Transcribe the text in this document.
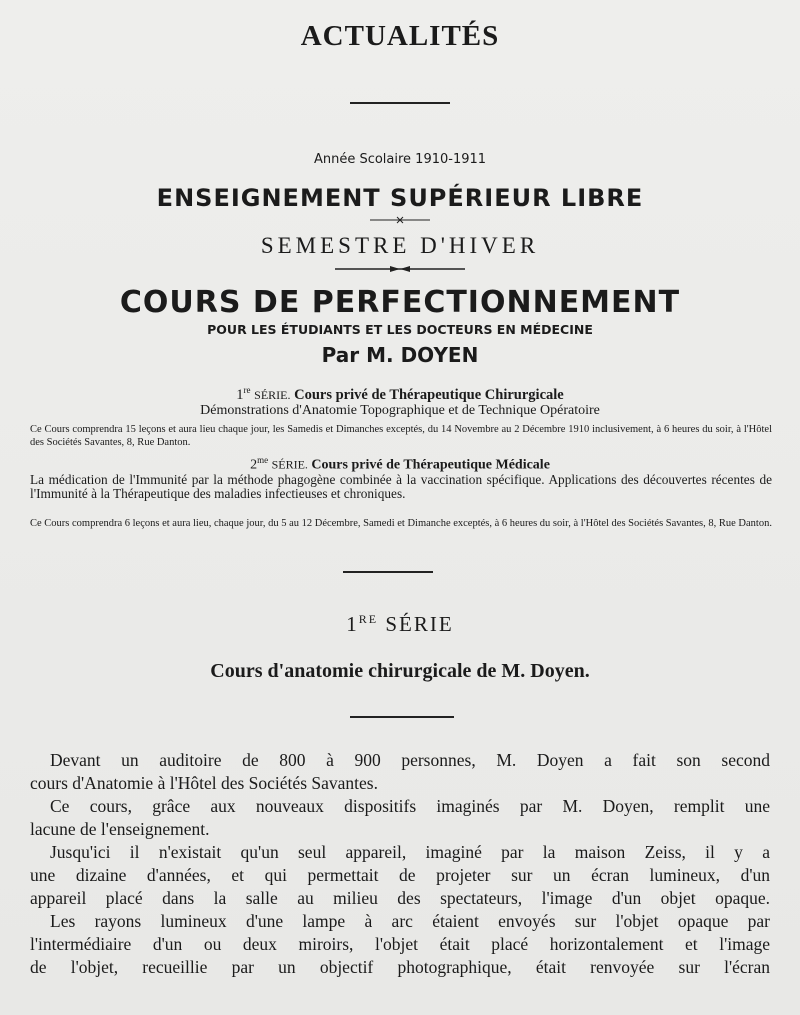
ACTUALITÉS
Année Scolaire 1910-1911
ENSEIGNEMENT SUPÉRIEUR LIBRE
SEMESTRE D'HIVER
COURS DE PERFECTIONNEMENT
POUR LES ÉTUDIANTS ET LES DOCTEURS EN MÉDECINE
Par M. DOYEN
1re SÉRIE. Cours privé de Thérapeutique Chirurgicale
Démonstrations d'Anatomie Topographique et de Technique Opératoire
Ce Cours comprendra 15 leçons et aura lieu chaque jour, les Samedis et Dimanches exceptés, du 14 Novembre au 2 Décembre 1910 inclusivement, à 6 heures du soir, à l'Hôtel des Sociétés Savantes, 8, Rue Danton.
$2^{me}$ SÉRIE. Cours privé de Thérapeutique Médicale
La médication de l'Immunité par la méthode phagogène combinée à la vaccination spécifique. Applications des découvertes récentes de l'Immunité à la Thérapeutique des maladies infectieuses et chroniques.
Ce Cours comprendra 6 leçons et aura lieu, chaque jour, du 5 au 12 Décembre, Samedi et Dimanche exceptés, à 6 heures du soir, à l'Hôtel des Sociétés Savantes, 8, Rue Danton.
1RE SÉRIE
Cours d'anatomie chirurgicale de M. Doyen.
Devant un auditoire de 800 à 900 personnes, M. Doyen a fait son second
cours d'Anatomie à l'Hôtel des Sociétés Savantes.
Ce cours, grâce aux nouveaux dispositifs imaginés par M. Doyen, remplit une
lacune de l'enseignement.
Jusqu'ici il n'existait qu'un seul appareil, imaginé par la maison Zeiss, il y a
une dizaine d'années, et qui permettait de projeter sur un écran lumineux, d'un
appareil placé dans la salle au milieu des spectateurs, l'image d'un objet opaque.
Les rayons lumineux d'une lampe à arc étaient envoyés sur l'objet opaque par
l'intermédiaire d'un ou deux miroirs, l'objet était placé horizontalement et l'image
de l'objet, recueillie par un objectif photographique, était renvoyée sur l'écran
